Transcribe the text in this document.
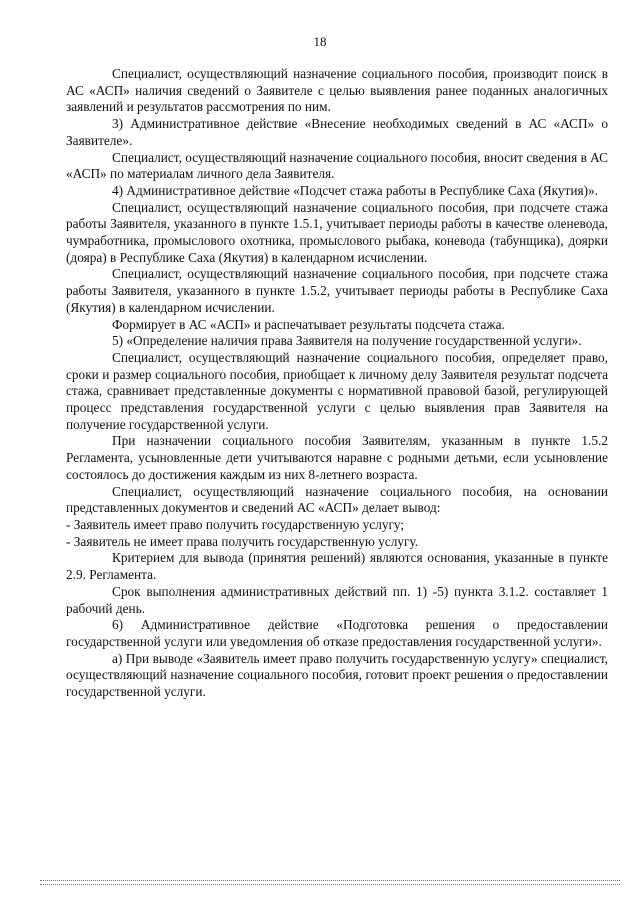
18

Специалист, осуществляющий назначение социального пособия, производит поиск в АС «АСП» наличия сведений о Заявителе с целью выявления ранее поданных аналогичных заявлений и результатов рассмотрения по ним.

3) Административное действие «Внесение необходимых сведений в АС «АСП» о Заявителе».

Специалист, осуществляющий назначение социального пособия, вносит сведения в АС «АСП» по материалам личного дела Заявителя.

4) Административное действие «Подсчет стажа работы в Республике Саха (Якутия)».

Специалист, осуществляющий назначение социального пособия, при подсчете стажа работы Заявителя, указанного в пункте 1.5.1, учитывает периоды работы в качестве оленевода, чумработника, промыслового охотника, промыслового рыбака, коневода (табунщика), доярки (дояра) в Республике Саха (Якутия) в календарном исчислении.

Специалист, осуществляющий назначение социального пособия, при подсчете стажа работы Заявителя, указанного в пункте 1.5.2, учитывает периоды работы в Республике Саха (Якутия) в календарном исчислении.

Формирует в АС «АСП» и распечатывает результаты подсчета стажа.

5) «Определение наличия права Заявителя на получение государственной услуги».

Специалист, осуществляющий назначение социального пособия, определяет право, сроки и размер социального пособия, приобщает к личному делу Заявителя результат подсчета стажа, сравнивает представленные документы с нормативной правовой базой, регулирующей процесс представления государственной услуги с целью выявления прав Заявителя на получение государственной услуги.

При назначении социального пособия Заявителям, указанным в пункте 1.5.2 Регламента, усыновленные дети учитываются наравне с родными детьми, если усыновление состоялось до достижения каждым из них 8-летнего возраста.

Специалист, осуществляющий назначение социального пособия, на основании представленных документов и сведений АС «АСП» делает вывод:

- Заявитель имеет право получить государственную услугу;

- Заявитель не имеет права получить государственную услугу.

Критерием для вывода (принятия решений) являются основания, указанные в пункте 2.9. Регламента.

Срок выполнения административных действий пп. 1) -5) пункта 3.1.2. составляет 1 рабочий день.

6) Административное действие «Подготовка решения о предоставлении государственной услуги или уведомления об отказе предоставления государственной услуги».

а) При выводе «Заявитель имеет право получить государственную услугу» специалист, осуществляющий назначение социального пособия, готовит проект решения о предоставлении государственной услуги.
